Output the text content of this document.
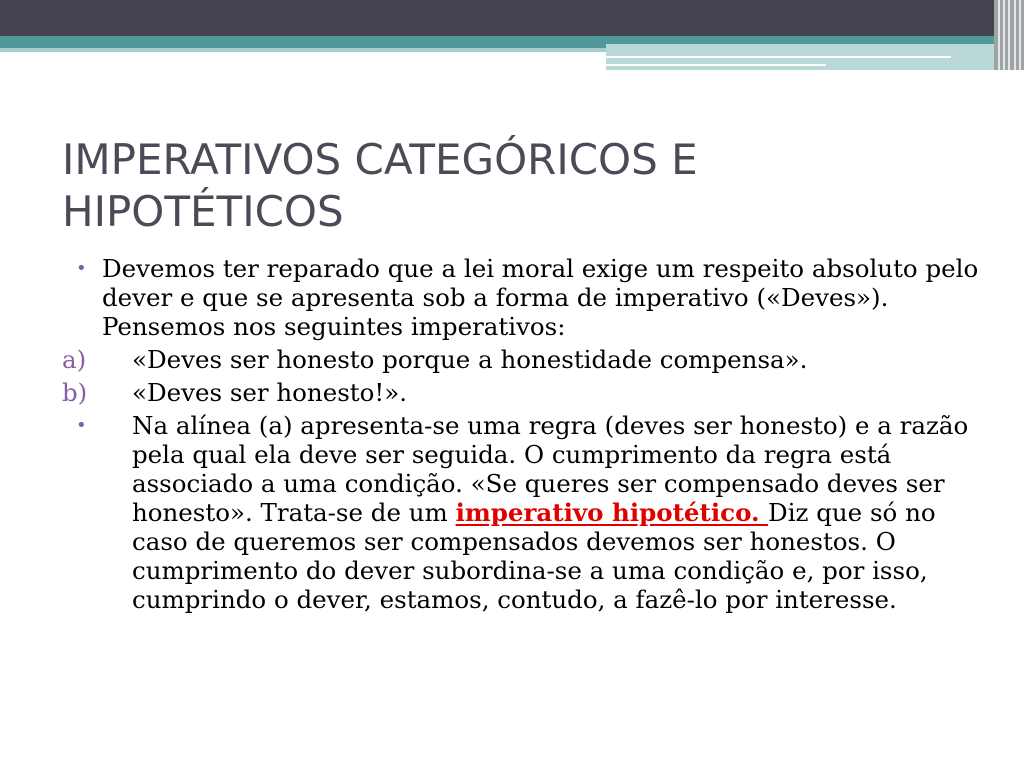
IMPERATIVOS CATEGÓRICOS E HIPOTÉTICOS
• Devemos ter reparado que a lei moral exige um respeito absoluto pelo dever e que se apresenta sob a forma de imperativo («Deves»). Pensemos nos seguintes imperativos:
a) «Deves ser honesto porque a honestidade compensa».
b) «Deves ser honesto!».
• Na alínea (a) apresenta-se uma regra (deves ser honesto) e a razão pela qual ela deve ser seguida. O cumprimento da regra está associado a uma condição. «Se queres ser compensado deves ser honesto». Trata-se de um imperativo hipotético. Diz que só no caso de queremos ser compensados devemos ser honestos. O cumprimento do dever subordina-se a uma condição e, por isso, cumprindo o dever, estamos, contudo, a fazê-lo por interesse.
